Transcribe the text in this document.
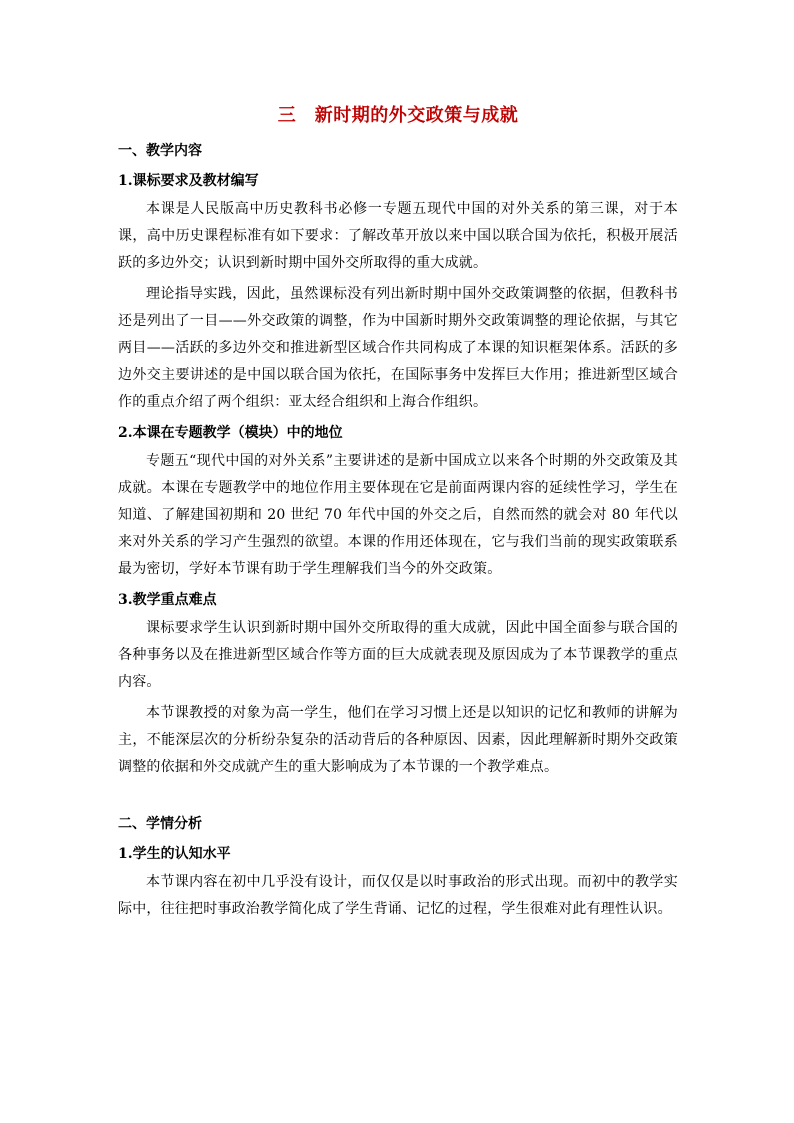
三　新时期的外交政策与成就
一、教学内容
1.课标要求及教材编写

本课是人民版高中历史教科书必修一专题五现代中国的对外关系的第三课，对于本课，高中历史课程标准有如下要求：了解改革开放以来中国以联合国为依托，积极开展活跃的多边外交；认识到新时期中国外交所取得的重大成就。

理论指导实践，因此，虽然课标没有列出新时期中国外交政策调整的依据，但教科书还是列出了一目——外交政策的调整，作为中国新时期外交政策调整的理论依据，与其它两目——活跃的多边外交和推进新型区域合作共同构成了本课的知识框架体系。活跃的多边外交主要讲述的是中国以联合国为依托，在国际事务中发挥巨大作用；推进新型区域合作的重点介绍了两个组织：亚太经合组织和上海合作组织。

2.本课在专题教学（模块）中的地位

专题五“现代中国的对外关系”主要讲述的是新中国成立以来各个时期的外交政策及其成就。本课在专题教学中的地位作用主要体现在它是前面两课内容的延续性学习，学生在知道、了解建国初期和 20 世纪 70 年代中国的外交之后，自然而然的就会对 80 年代以来对外关系的学习产生强烈的欲望。本课的作用还体现在，它与我们当前的现实政策联系最为密切，学好本节课有助于学生理解我们当今的外交政策。

3.教学重点难点

课标要求学生认识到新时期中国外交所取得的重大成就，因此中国全面参与联合国的各种事务以及在推进新型区域合作等方面的巨大成就表现及原因成为了本节课教学的重点内容。

本节课教授的对象为高一学生，他们在学习习惯上还是以知识的记忆和教师的讲解为主，不能深层次的分析纷杂复杂的活动背后的各种原因、因素，因此理解新时期外交政策调整的依据和外交成就产生的重大影响成为了本节课的一个教学难点。

二、学情分析
1.学生的认知水平

本节课内容在初中几乎没有设计，而仅仅是以时事政治的形式出现。而初中的教学实际中，往往把时事政治教学简化成了学生背诵、记忆的过程，学生很难对此有理性认识。
